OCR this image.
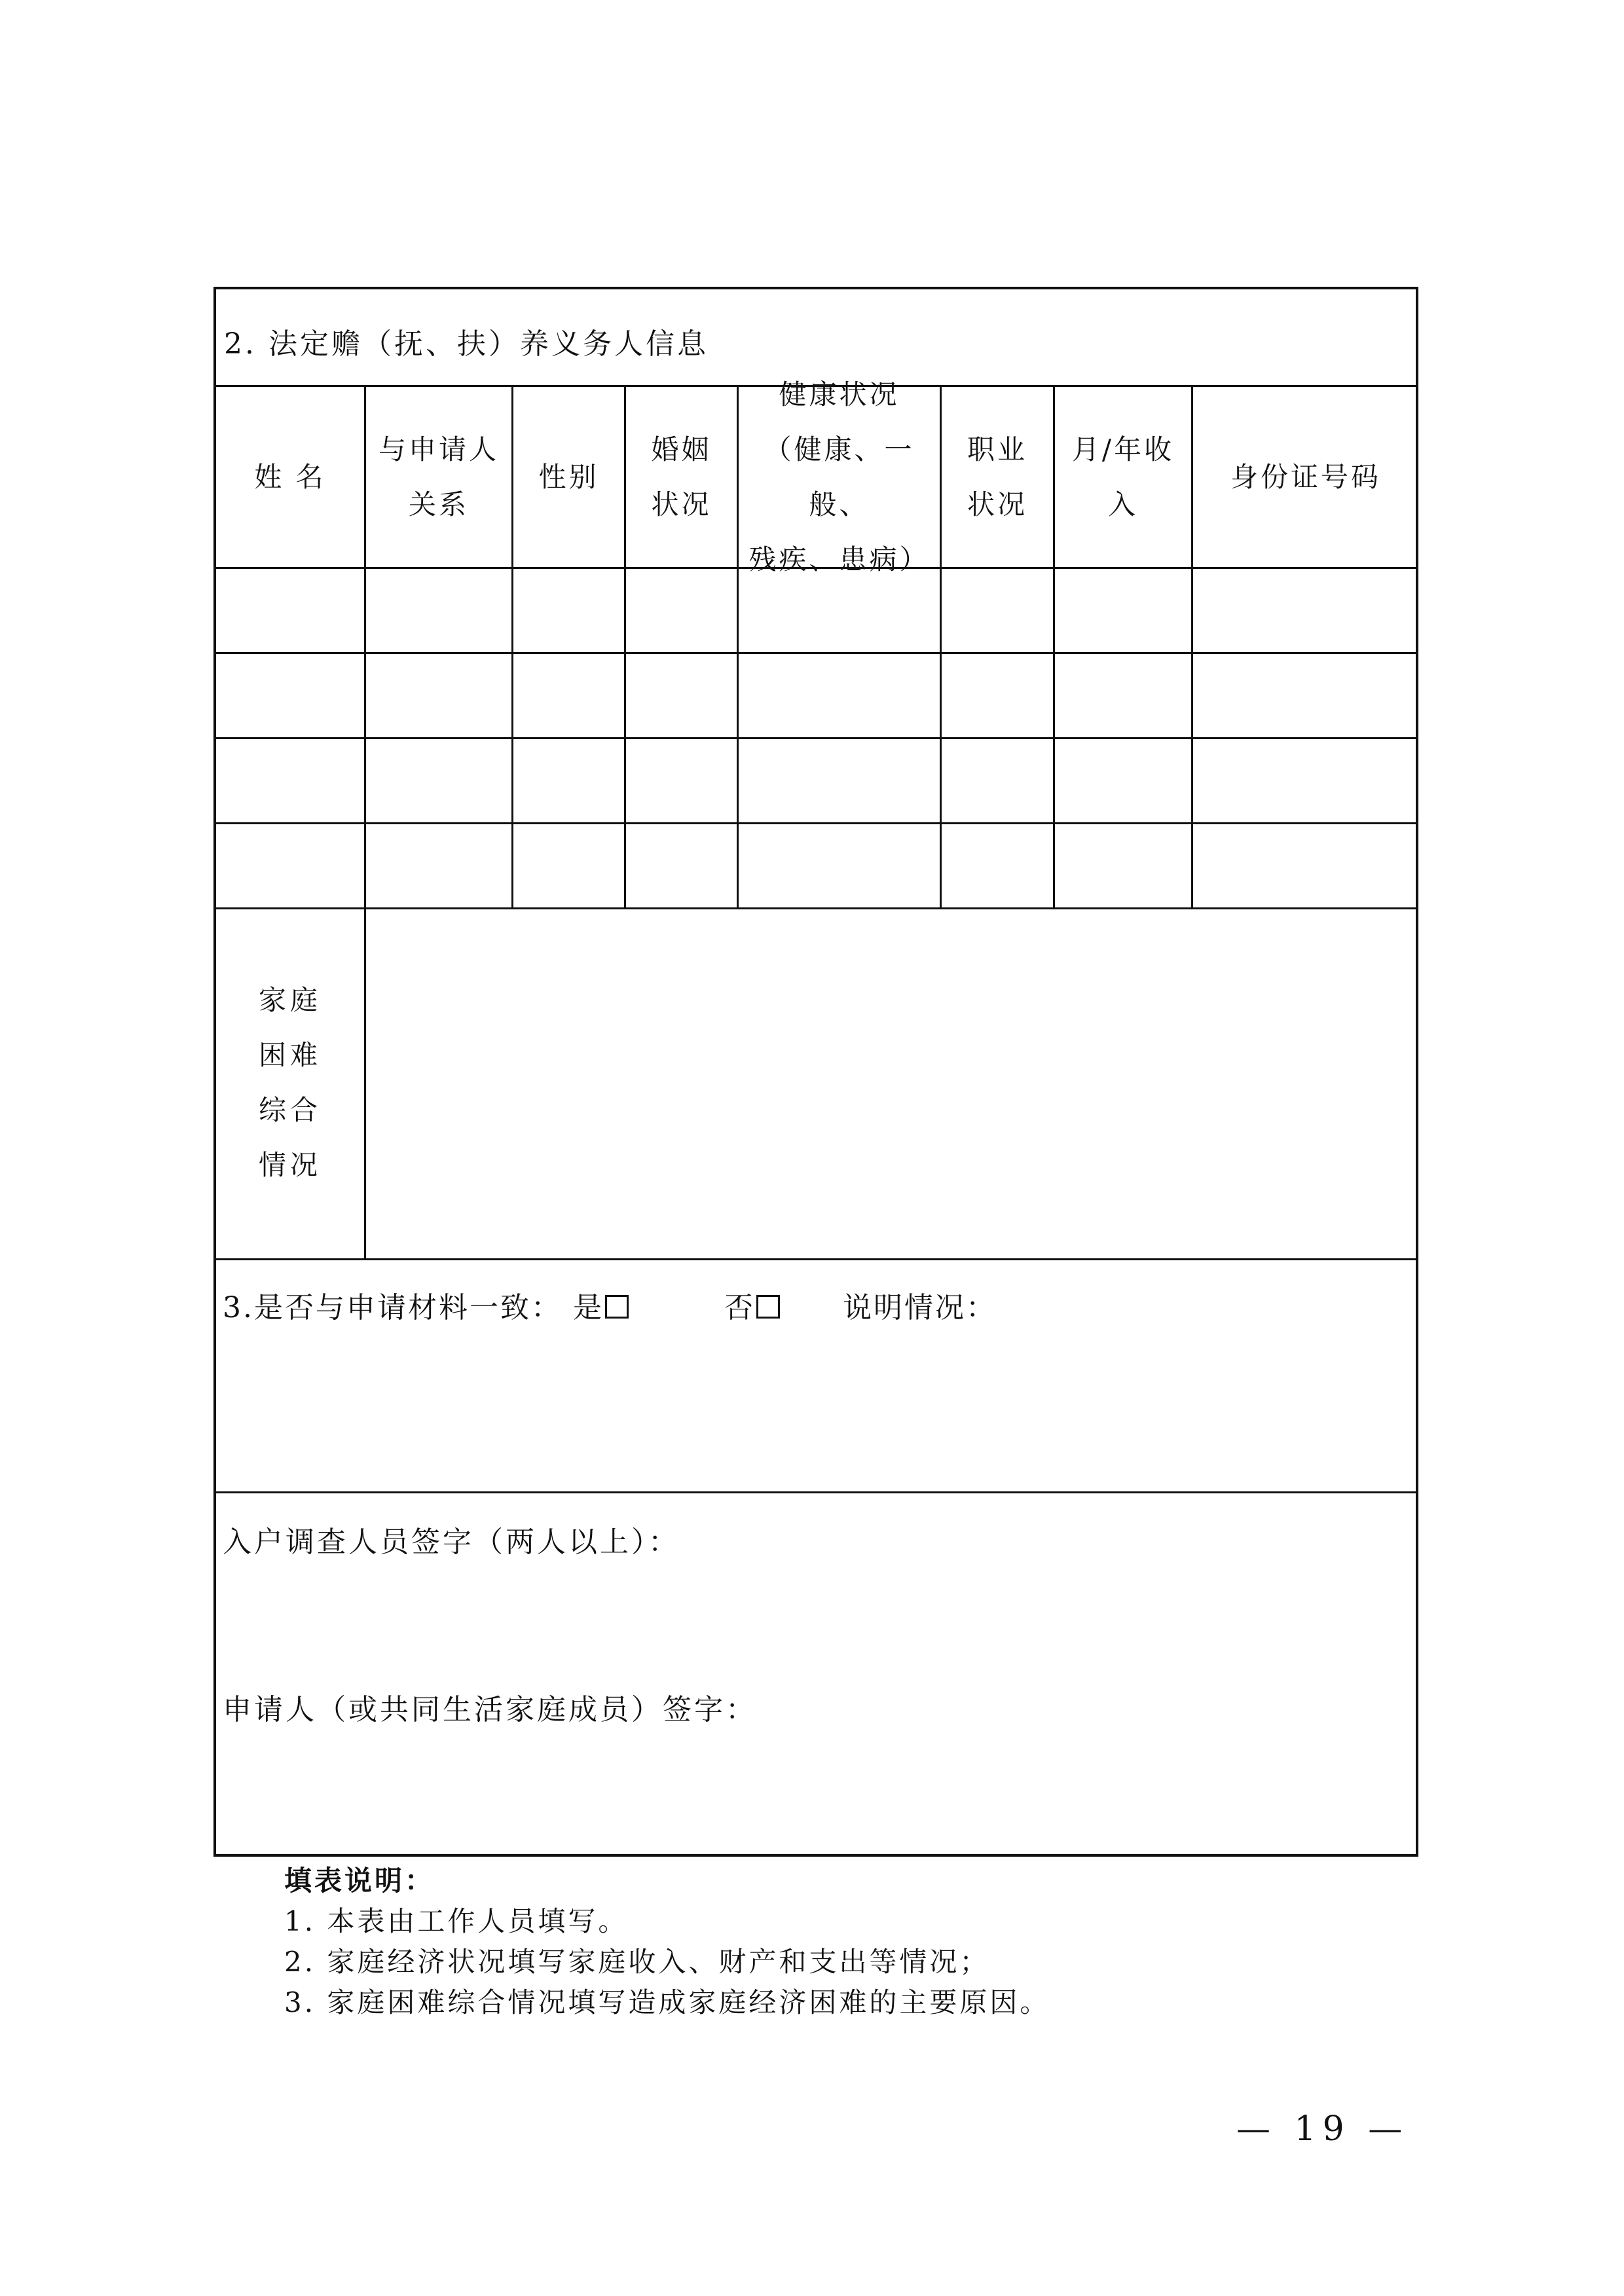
2. 法定赡（抚、扶）养义务人信息
姓 名
与申请人
关系
性别
婚姻
状况
健康状况
（健康、一般、
残疾、患病）
职业
状况
月/年收
入
身份证号码
家庭
困难
综合
情况
3.是否与申请材料一致： 是	否	说明情况：
入户调查人员签字（两人以上）：
申请人（或共同生活家庭成员）签字：
填表说明：
1. 本表由工作人员填写。
2. 家庭经济状况填写家庭收入、财产和支出等情况；
3. 家庭困难综合情况填写造成家庭经济困难的主要原因。
— 19 —
